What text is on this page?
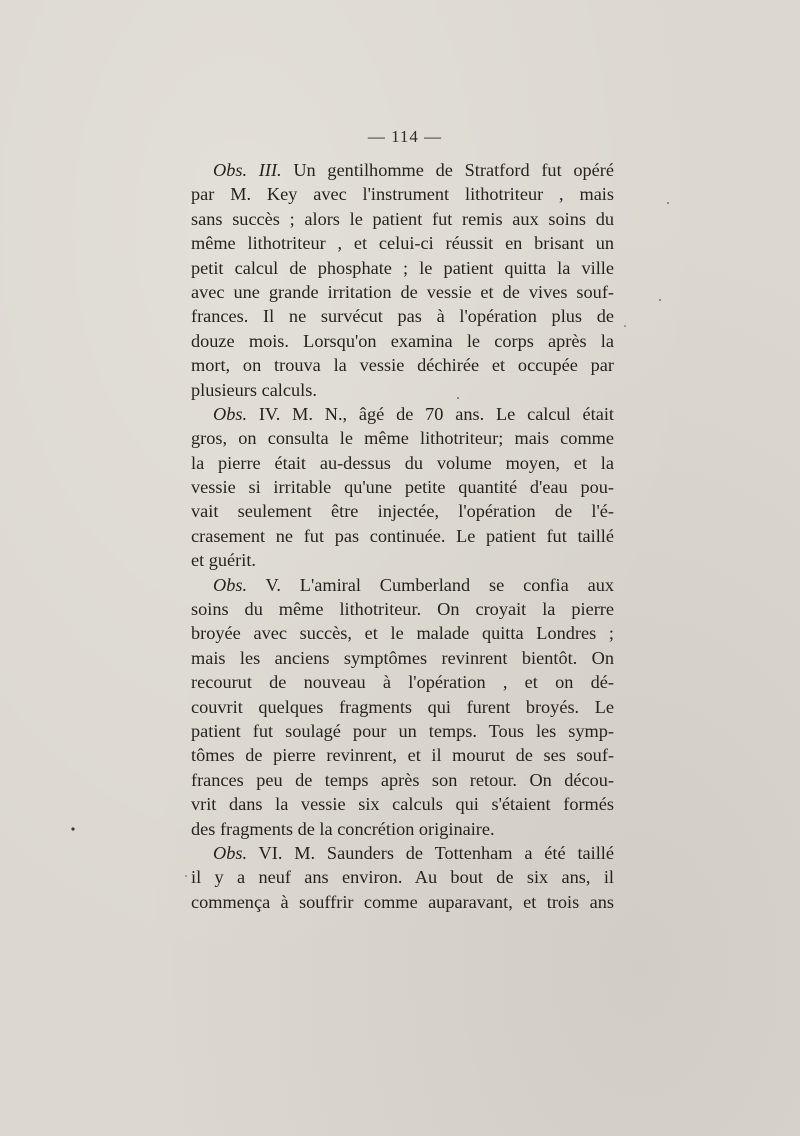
— 114 —
Obs. III. Un gentilhomme de Stratford fut opéré
par M. Key avec l'instrument lithotriteur , mais
sans succès ; alors le patient fut remis aux soins du
même lithotriteur , et celui-ci réussit en brisant un
petit calcul de phosphate ; le patient quitta la ville
avec une grande irritation de vessie et de vives souf-
frances. Il ne survécut pas à l'opération plus de
douze mois. Lorsqu'on examina le corps après la
mort, on trouva la vessie déchirée et occupée par
plusieurs calculs.
Obs. IV. M. N., âgé de 70 ans. Le calcul était
gros, on consulta le même lithotriteur; mais comme
la pierre était au-dessus du volume moyen, et la
vessie si irritable qu'une petite quantité d'eau pou-
vait seulement être injectée, l'opération de l'é-
crasement ne fut pas continuée. Le patient fut taillé
et guérit.
Obs. V. L'amiral Cumberland se confia aux
soins du même lithotriteur. On croyait la pierre
broyée avec succès, et le malade quitta Londres ;
mais les anciens symptômes revinrent bientôt. On
recourut de nouveau à l'opération , et on dé-
couvrit quelques fragments qui furent broyés. Le
patient fut soulagé pour un temps. Tous les symp-
tômes de pierre revinrent, et il mourut de ses souf-
frances peu de temps après son retour. On décou-
vrit dans la vessie six calculs qui s'étaient formés
des fragments de la concrétion originaire.
Obs. VI. M. Saunders de Tottenham a été taillé
il y a neuf ans environ. Au bout de six ans, il
commença à souffrir comme auparavant, et trois ans
